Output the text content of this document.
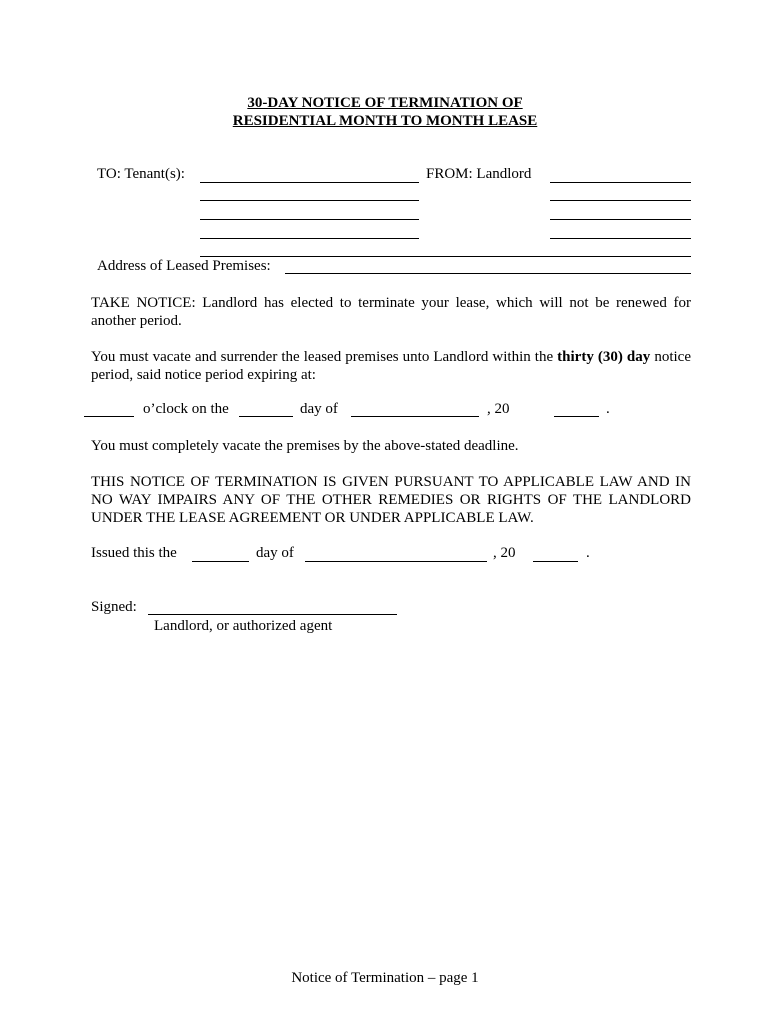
30-DAY NOTICE OF TERMINATION OF
RESIDENTIAL MONTH TO MONTH LEASE
TO: Tenant(s):	FROM: Landlord
Address of Leased Premises:
TAKE NOTICE: Landlord has elected to terminate your lease, which will not be renewed for another period.
You must vacate and surrender the leased premises unto Landlord within the thirty (30) day notice period, said notice period expiring at:
o’clock on the	day of	, 20	.
You must completely vacate the premises by the above-stated deadline.
THIS NOTICE OF TERMINATION IS GIVEN PURSUANT TO APPLICABLE LAW AND IN NO WAY IMPAIRS ANY OF THE OTHER REMEDIES OR RIGHTS OF THE LANDLORD UNDER THE LEASE AGREEMENT OR UNDER APPLICABLE LAW.
Issued this the	day of	, 20	.
Signed:
Landlord, or authorized agent
Notice of Termination – page 1
